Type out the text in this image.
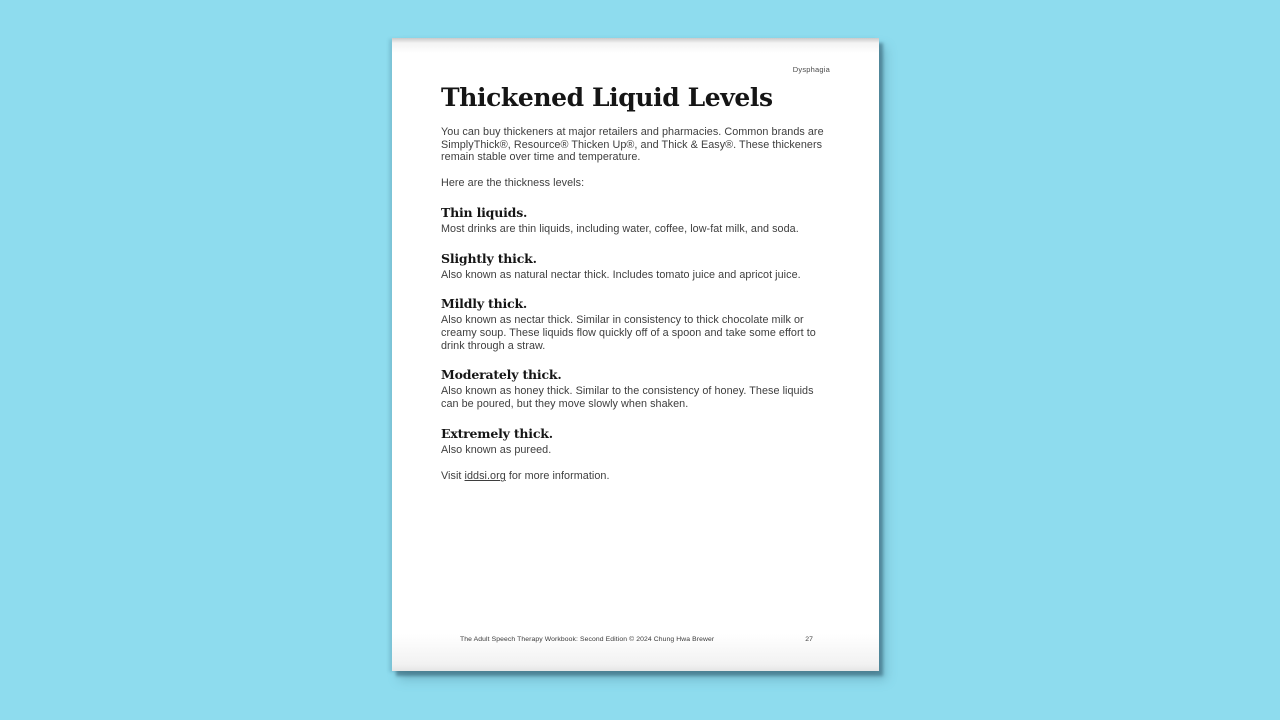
Dysphagia
Thickened Liquid Levels

You can buy thickeners at major retailers and pharmacies. Common brands are SimplyThick®, Resource® Thicken Up®, and Thick & Easy®. These thickeners remain stable over time and temperature.

Here are the thickness levels:

Thin liquids.

Most drinks are thin liquids, including water, coffee, low-fat milk, and soda.

Slightly thick.

Also known as natural nectar thick. Includes tomato juice and apricot juice.

Mildly thick.

Also known as nectar thick. Similar in consistency to thick chocolate milk or creamy soup. These liquids flow quickly off of a spoon and take some effort to drink through a straw.

Moderately thick.

Also known as honey thick. Similar to the consistency of honey. These liquids can be poured, but they move slowly when shaken.

Extremely thick.

Also known as pureed.

Visit iddsi.org for more information.

The Adult Speech Therapy Workbook: Second Edition © 2024 Chung Hwa Brewer	27
